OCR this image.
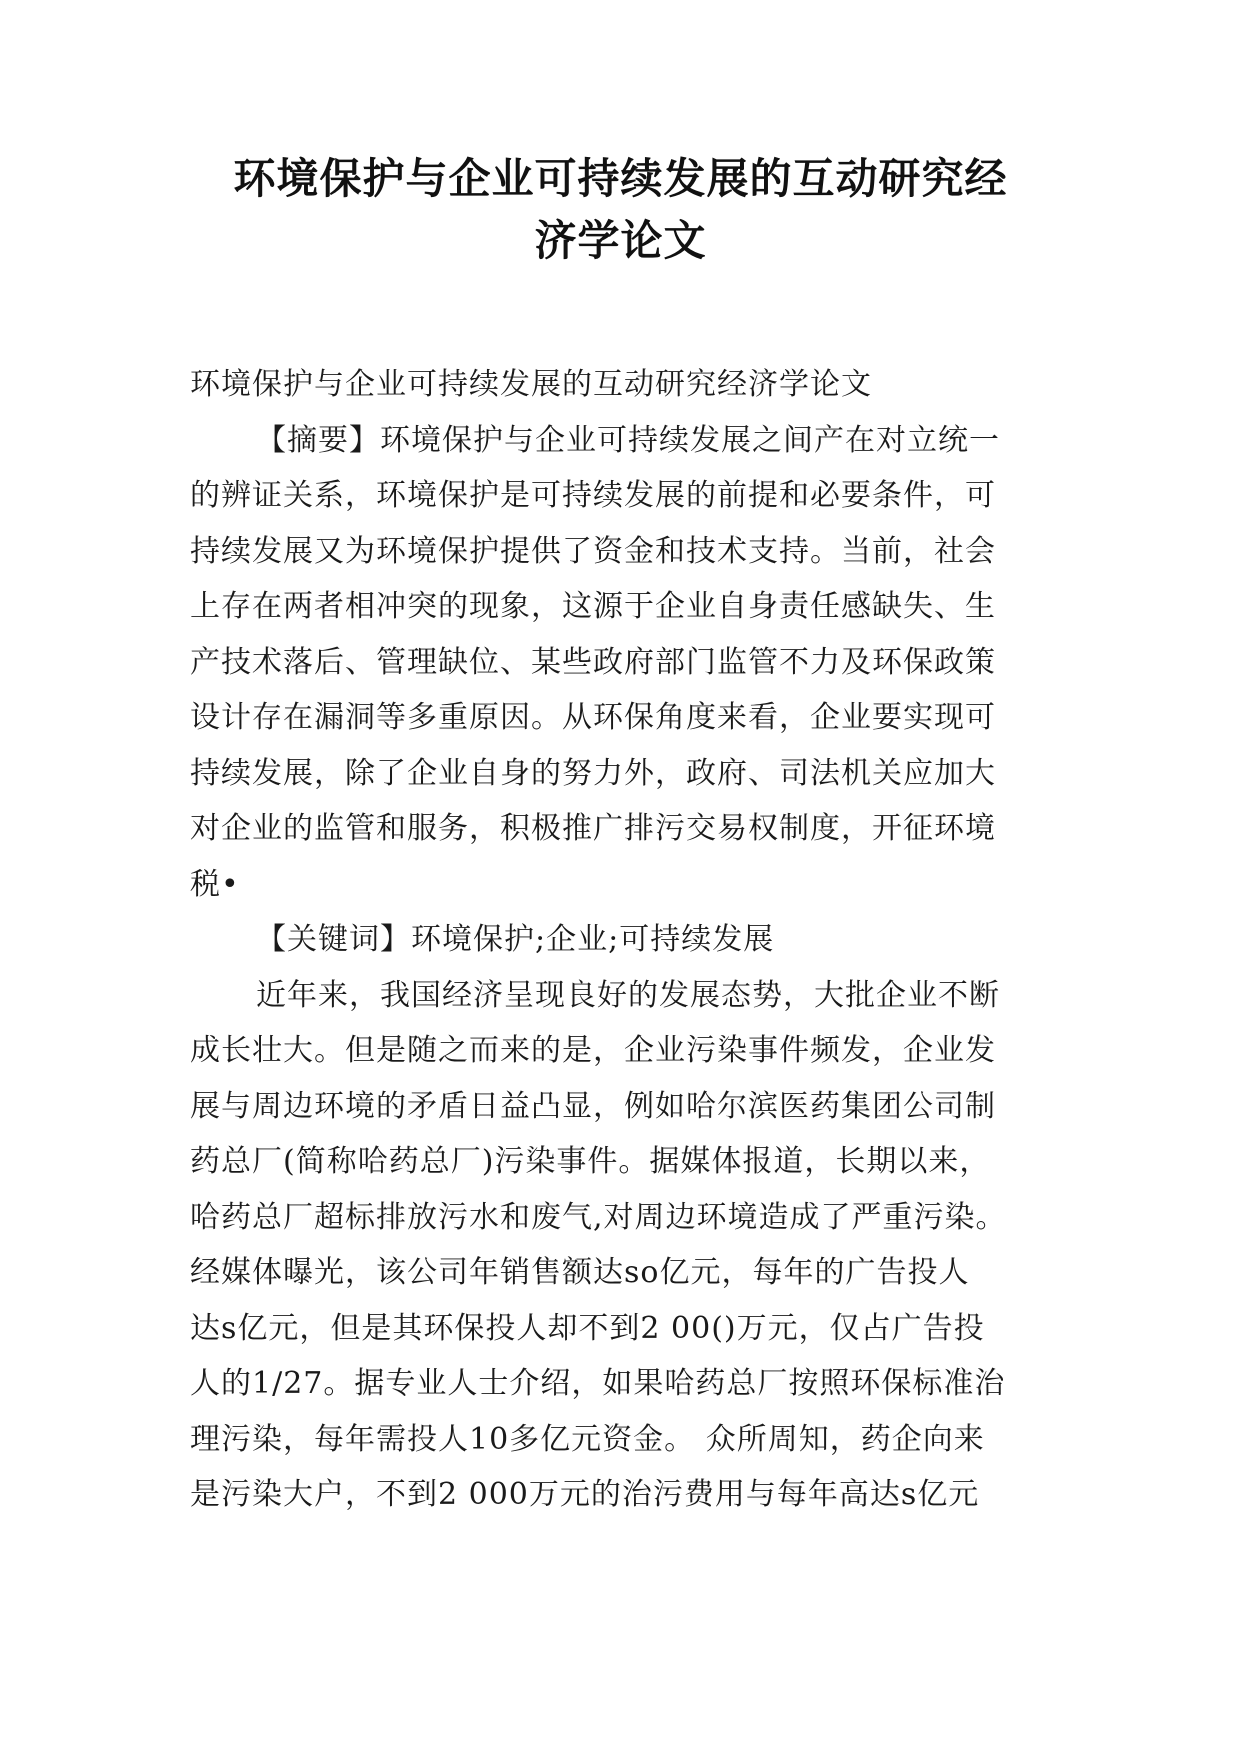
环境保护与企业可持续发展的互动研究经
济学论文
环境保护与企业可持续发展的互动研究经济学论文
【摘要】环境保护与企业可持续发展之间产在对立统一
的辨证关系，环境保护是可持续发展的前提和必要条件，可
持续发展又为环境保护提供了资金和技术支持。当前，社会
上存在两者相冲突的现象，这源于企业自身责任感缺失、生
产技术落后、管理缺位、某些政府部门监管不力及环保政策
设计存在漏洞等多重原因。从环保角度来看，企业要实现可
持续发展，除了企业自身的努力外，政府、司法机关应加大
对企业的监管和服务，积极推广排污交易权制度，开征环境
税•
【关键词】环境保护;企业;可持续发展
近年来，我国经济呈现良好的发展态势，大批企业不断
成长壮大。但是随之而来的是，企业污染事件频发，企业发
展与周边环境的矛盾日益凸显，例如哈尔滨医药集团公司制
药总厂(简称哈药总厂)污染事件。据媒体报道，长期以来，
哈药总厂超标排放污水和废气,对周边环境造成了严重污染。
经媒体曝光，该公司年销售额达so亿元，每年的广告投人
达s亿元，但是其环保投人却不到2 00()万元，仅占广告投
人的1/27。据专业人士介绍，如果哈药总厂按照环保标准治
理污染，每年需投人10多亿元资金。 众所周知，药企向来
是污染大户，不到2 000万元的治污费用与每年高达s亿元
